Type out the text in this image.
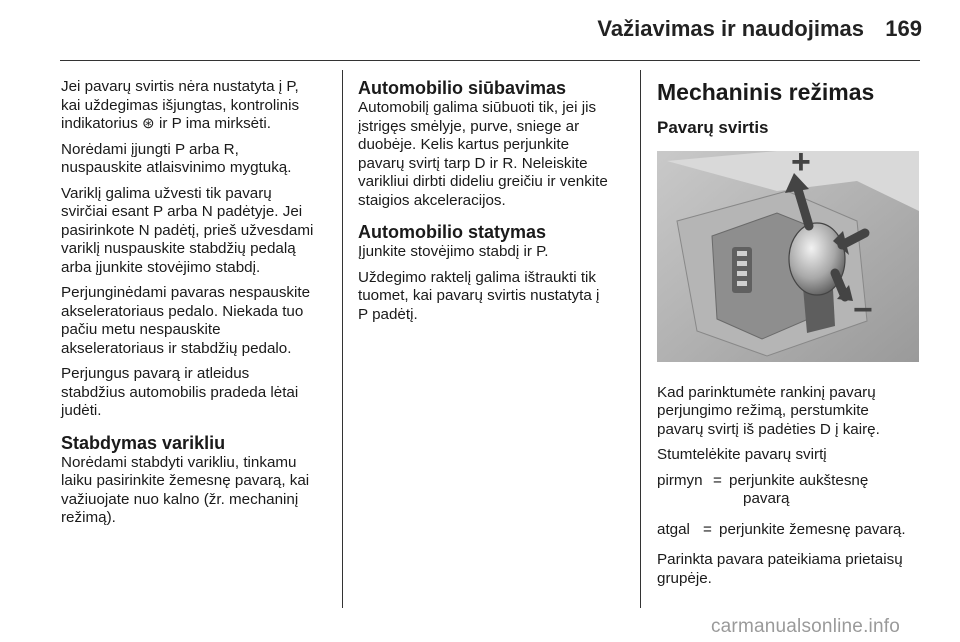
Važiavimas ir naudojimas 169

Jei pavarų svirtis nėra nustatyta į P,
kai uždegimas išjungtas, kontrolinis
indikatorius ⊛ ir P ima mirksėti.

Norėdami įjungti P arba R,
nuspauskite atlaisvinimo mygtuką.

Variklį galima užvesti tik pavarų
svirčiai esant P arba N padėtyje. Jei
pasirinkote N padėtį, prieš užvesdami
variklį nuspauskite stabdžių pedalą
arba įjunkite stovėjimo stabdį.

Perjunginėdami pavaras nespauskite
akseleratoriaus pedalo. Niekada tuo
pačiu metu nespauskite
akseleratoriaus ir stabdžių pedalo.

Perjungus pavarą ir atleidus
stabdžius automobilis pradeda lėtai
judėti.

Stabdymas varikliu

Norėdami stabdyti varikliu, tinkamu
laiku pasirinkite žemesnę pavarą, kai
važiuojate nuo kalno (žr. mechaninį
režimą).

Automobilio siūbavimas

Automobilį galima siūbuoti tik, jei jis
įstrigęs smėlyje, purve, sniege ar
duobėje. Kelis kartus perjunkite
pavarų svirtį tarp D ir R. Neleiskite
varikliui dirbti dideliu greičiu ir venkite
staigios akceleracijos.

Automobilio statymas

Įjunkite stovėjimo stabdį ir P.

Uždegimo raktelį galima ištraukti tik
tuomet, kai pavarų svirtis nustatyta į
P padėtį.

Mechaninis režimas
Pavarų svirtis
+
−

Kad parinktumėte rankinį pavarų
perjungimo režimą, perstumkite
pavarų svirtį iš padėties D į kairę.

Stumtelėkite pavarų svirtį

pirmyn = perjunkite aukštesnę
pavarą
atgal = perjunkite žemesnę pavarą.

Parinkta pavara pateikiama prietaisų
grupėje.

carmanualsonline.info
